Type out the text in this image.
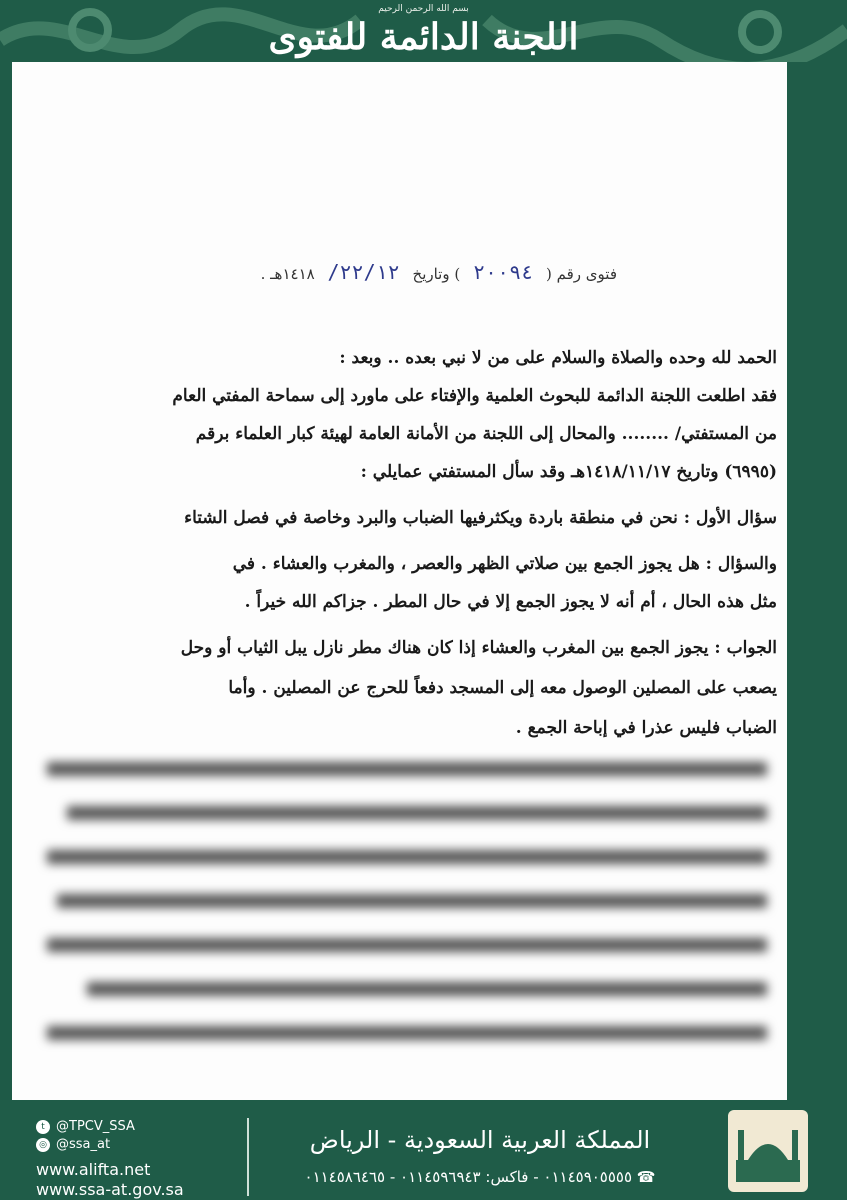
بسم الله الرحمن الرحيم
اللجنة الدائمة للفتوى
فتوى رقم ( ٢٠٠٩٤ ) وتاريخ ٢٢/١٢/ ١٤١٨هـ .
الحمد لله وحده والصلاة والسلام على من لا نبي بعده .. وبعد :
فقد اطلعت اللجنة الدائمة للبحوث العلمية والإفتاء على ماورد إلى سماحة المفتي العام
من المستفتي/ ........ والمحال إلى اللجنة من الأمانة العامة لهيئة كبار العلماء برقم
(٦٩٩٥) وتاريخ ١٤١٨/١١/١٧هـ وقد سأل المستفتي عمايلي :
سؤال الأول : نحن في منطقة باردة ويكثرفيها الضباب والبرد وخاصة في فصل الشتاء
والسؤال : هل يجوز الجمع بين صلاتي الظهر والعصر ، والمغرب والعشاء . في
مثل هذه الحال ، أم أنه لا يجوز الجمع إلا في حال المطر . جزاكم الله خيراً .
الجواب : يجوز الجمع بين المغرب والعشاء إذا كان هناك مطر نازل يبل الثياب أو وحل
يصعب على المصلين الوصول معه إلى المسجد دفعاً للحرج عن المصلين . وأما
الضباب فليس عذرا في إباحة الجمع .
t @TPCV_SSA
◎ @ssa_at
www.alifta.net
www.ssa-at.gov.sa
المملكة العربية السعودية - الرياض
☎ ٠١١٤٥٩٠٥٥٥٥ - فاكس: ٠١١٤٥٩٦٩٤٣ - ٠١١٤٥٨٦٤٦٥
